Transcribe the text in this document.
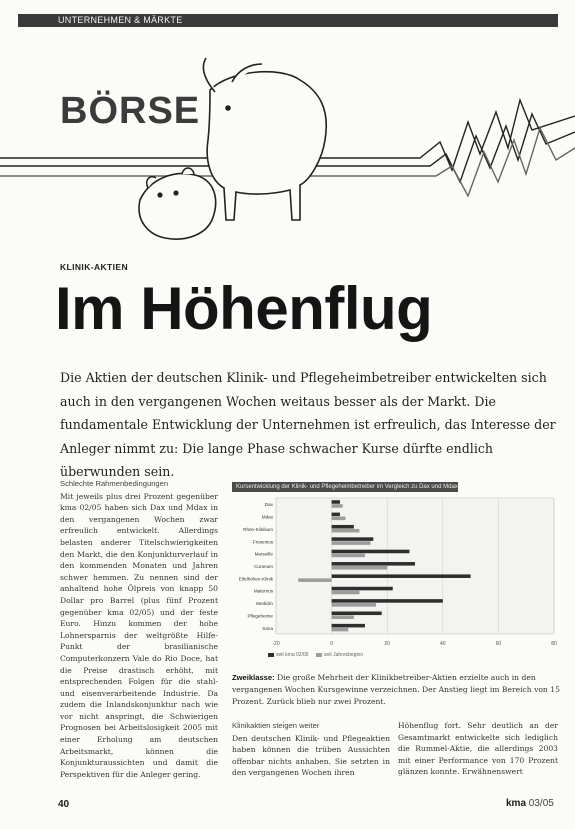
UNTERNEHMEN & MÄRKTE
BÖRSE
KLINIK-AKTIEN
Im Höhenflug
Die Aktien der deutschen Klinik- und Pflegeheimbetreiber entwickelten sich auch in den vergangenen Wochen weitaus besser als der Markt. Die fundamentale Entwicklung der Unternehmen ist erfreulich, das Interesse der Anleger nimmt zu: Die lange Phase schwacher Kurse dürfte endlich überwunden sein.
Schlechte Rahmenbedingungen
Mit jeweils plus drei Prozent gegenüber kma 02/05 haben sich Dax und Mdax in den vergangenen Wochen zwar erfreulich entwickelt. Allerdings belasten anderer Titelschwierigkeiten den Markt, die den Konjunkturverlauf in den kommenden Monaten und Jahren schwer hemmen. Zu nennen sind der anhaltend hohe Ölpreis von knapp 50 Dollar pro Barrel (plus fünf Prozent gegenüber kma 02/05) und der feste Euro. Hinzu kommen der hohe Lohnersparnis der weltgrößte Hilfe-Punkt der brasilianische Computerkonzern Vale do Rio Doce, hat die Preise drastisch erhöht, mit entsprechenden Folgen für die stahl- und eisenverarbeitende Industrie. Da zudem die Inlandskonjunktur nach wie vor nicht anspringt, die Schwierigen Prognosen bei Arbeitslosigkeit 2005 mit einer Erholung am deutschen Arbeitsmarkt, können die Konjunkturaussichten und damit die Perspektiven für die Anleger gering.
Kursentwicklung der Klinik- und Pflegeheimbetreiber im Vergleich zu Dax und Mdax
-20	0	20	40	60	80
Dax
Mdax
Rhön-Klinikum
Fresenius
Marseille
Curanum
Eifelhöhen-Klinik
Maternus
Mediclin
Pflegeheime
Sana
seit kma 02/05	seit Jahresbeginn
Zweiklasse: Die große Mehrheit der Klinikbetreiber-Aktien erzielte auch in den vergangenen Wochen Kursgewinne verzeichnen. Der Anstieg liegt im Bereich von 15 Prozent. Zurück blieb nur zwei Prozent.
Klinikaktien steigen weiter
Den deutschen Klinik- und Pflegeaktien haben können die trüben Aussichten offenbar nichts anhaben. Sie setzten in den vergangenen Wochen ihren
Höhenflug fort. Sehr deutlich an der Gesamtmarkt entwickelte sich lediglich die Rummel-Aktie, die allerdings 2003 mit einer Performance von 170 Prozent glänzen konnte. Erwähnenswert
40	kma 03/05
